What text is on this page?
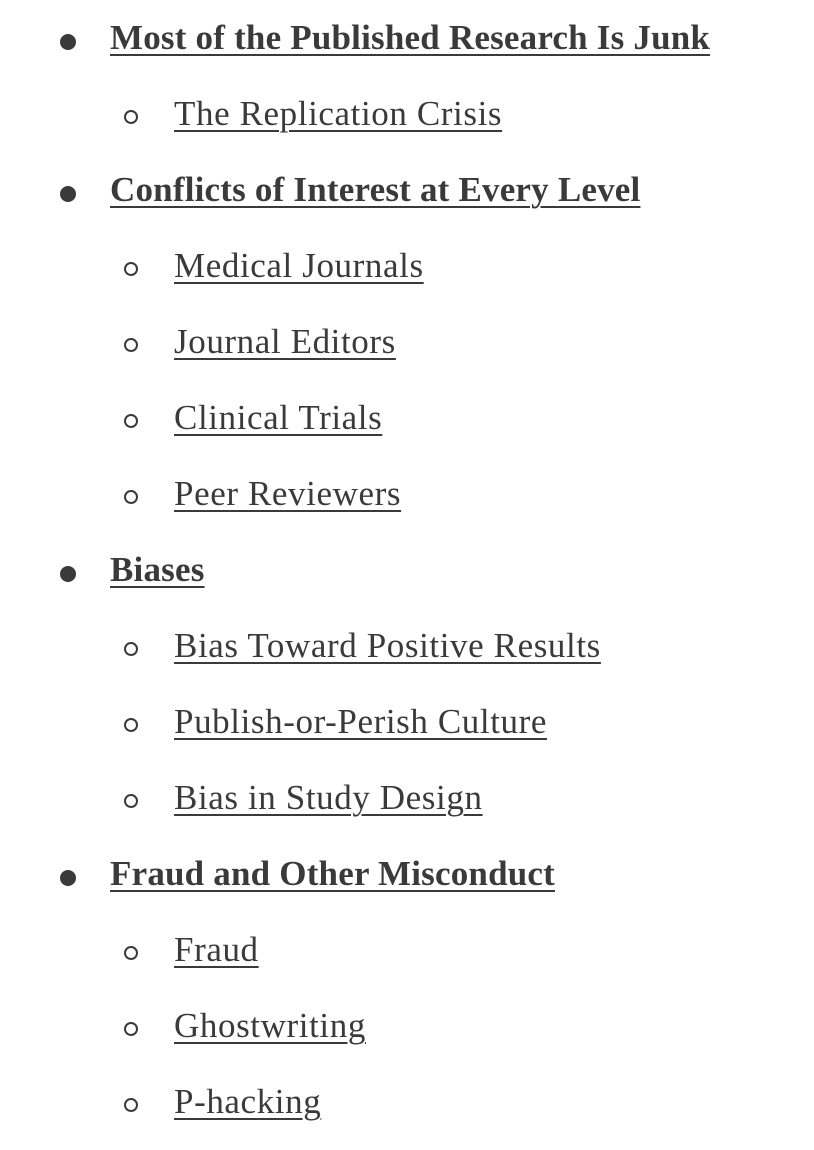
Most of the Published Research Is Junk
The Replication Crisis
Conflicts of Interest at Every Level
Medical Journals
Journal Editors
Clinical Trials
Peer Reviewers
Biases
Bias Toward Positive Results
Publish-or-Perish Culture
Bias in Study Design
Fraud and Other Misconduct
Fraud
Ghostwriting
P-hacking
